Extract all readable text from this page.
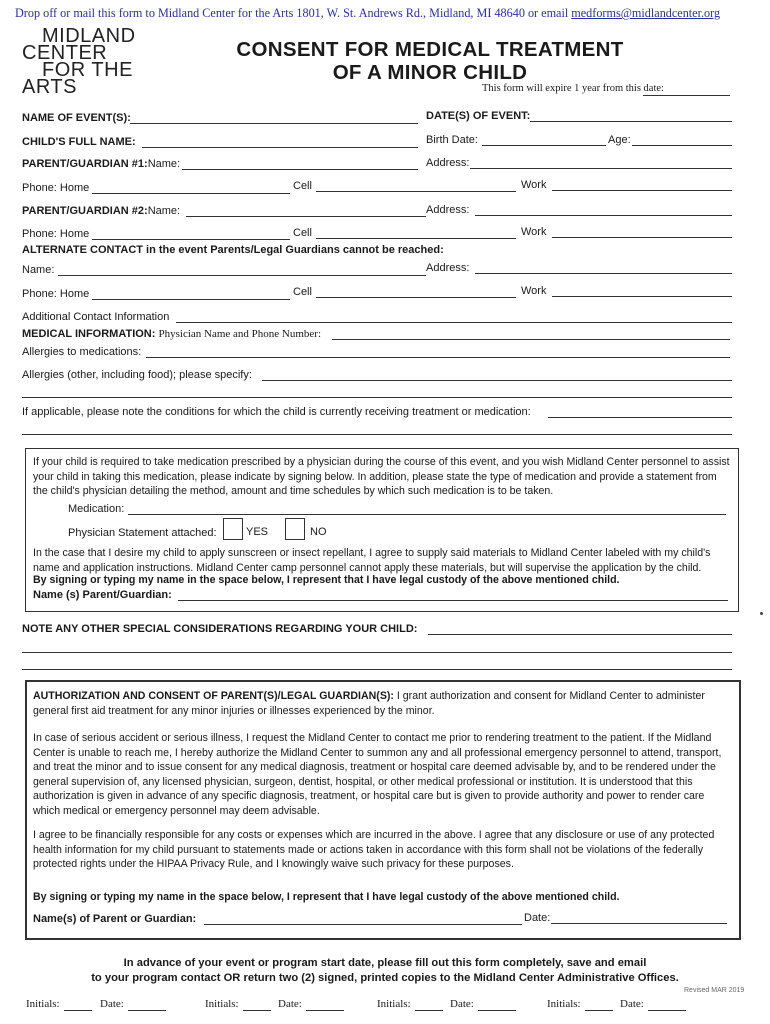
Drop off or mail this form to Midland Center for the Arts 1801, W. St. Andrews Rd., Midland, MI 48640 or email medforms@midlandcenter.org
MIDLAND
CENTER
FOR THE
ARTS
CONSENT FOR MEDICAL TREATMENT
OF A MINOR CHILD
This form will expire 1 year from this date:
NAME OF EVENT(S):	DATE(S) OF EVENT:
CHILD'S FULL NAME:	Birth Date:	Age:
PARENT/GUARDIAN #1:Name:	Address:
Phone: Home	Cell	Work
PARENT/GUARDIAN #2:Name:	Address:
Phone: Home	Cell	Work
ALTERNATE CONTACT in the event Parents/Legal Guardians cannot be reached:
Name:	Address:
Phone: Home	Cell	Work
Additional Contact Information
MEDICAL INFORMATION: Physician Name and Phone Number:
Allergies to medications:
Allergies (other, including food); please specify:
If applicable, please note the conditions for which the child is currently receiving treatment or medication:
If your child is required to take medication prescribed by a physician during the course of this event, and you wish Midland Center personnel to assist your child in taking this medication, please indicate by signing below. In addition, please state the type of medication and provide a statement from the child's physician detailing the method, amount and time schedules by which such medication is to be taken.
Medication:
Physician Statement attached:	YES	NO
In the case that I desire my child to apply sunscreen or insect repellant, I agree to supply said materials to Midland Center labeled with my child's name and application instructions. Midland Center camp personnel cannot apply these materials, but will supervise the application by the child.
By signing or typing my name in the space below, I represent that I have legal custody of the above mentioned child.
Name (s) Parent/Guardian:
NOTE ANY OTHER SPECIAL CONSIDERATIONS REGARDING YOUR CHILD:
AUTHORIZATION AND CONSENT OF PARENT(S)/LEGAL GUARDIAN(S): I grant authorization and consent for Midland Center to administer general first aid treatment for any minor injuries or illnesses experienced by the minor.
In case of serious accident or serious illness, I request the Midland Center to contact me prior to rendering treatment to the patient. If the Midland Center is unable to reach me, I hereby authorize the Midland Center to summon any and all professional emergency personnel to attend, transport, and treat the minor and to issue consent for any medical diagnosis, treatment or hospital care deemed advisable by, and to be rendered under the general supervision of, any licensed physician, surgeon, dentist, hospital, or other medical professional or institution. It is understood that this authorization is given in advance of any specific diagnosis, treatment, or hospital care but is given to provide authority and power to render care which medical or emergency personnel may deem advisable.
I agree to be financially responsible for any costs or expenses which are incurred in the above. I agree that any disclosure or use of any protected health information for my child pursuant to statements made or actions taken in accordance with this form shall not be violations of the federally protected rights under the HIPAA Privacy Rule, and I knowingly waive such privacy for these purposes.
By signing or typing my name in the space below, I represent that I have legal custody of the above mentioned child.
Name(s) of Parent or Guardian:	Date:
In advance of your event or program start date, please fill out this form completely, save and email
to your program contact OR return two (2) signed, printed copies to the Midland Center Administrative Offices.
Revised MAR 2019
Initials:	Date:	Initials:	Date:	Initials:	Date:	Initials:	Date:
